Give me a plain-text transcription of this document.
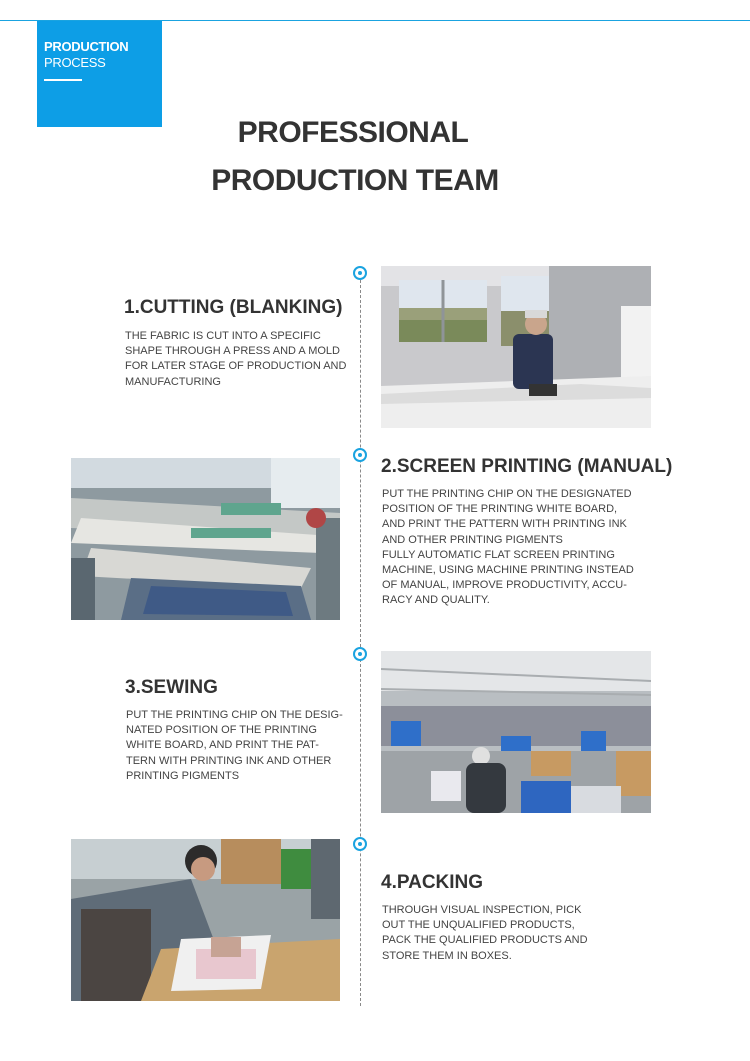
PRODUCTION
PROCESS
PROFESSIONAL
PRODUCTION TEAM
1.CUTTING (BLANKING)

THE FABRIC IS CUT INTO A SPECIFIC
SHAPE THROUGH A PRESS AND A MOLD
FOR LATER STAGE OF PRODUCTION AND
MANUFACTURING

2.SCREEN PRINTING (MANUAL)

PUT THE PRINTING CHIP ON THE DESIGNATED
POSITION OF THE PRINTING WHITE BOARD,
AND PRINT THE PATTERN WITH PRINTING INK
AND OTHER PRINTING PIGMENTS
FULLY AUTOMATIC FLAT SCREEN PRINTING
MACHINE, USING MACHINE PRINTING INSTEAD
OF MANUAL, IMPROVE PRODUCTIVITY, ACCU-
RACY AND QUALITY.

3.SEWING

PUT THE PRINTING CHIP ON THE DESIG-
NATED POSITION OF THE PRINTING
WHITE BOARD, AND PRINT THE PAT-
TERN WITH PRINTING INK AND OTHER
PRINTING PIGMENTS

4.PACKING

THROUGH VISUAL INSPECTION, PICK
OUT THE UNQUALIFIED PRODUCTS,
PACK THE QUALIFIED PRODUCTS AND
STORE THEM IN BOXES.
